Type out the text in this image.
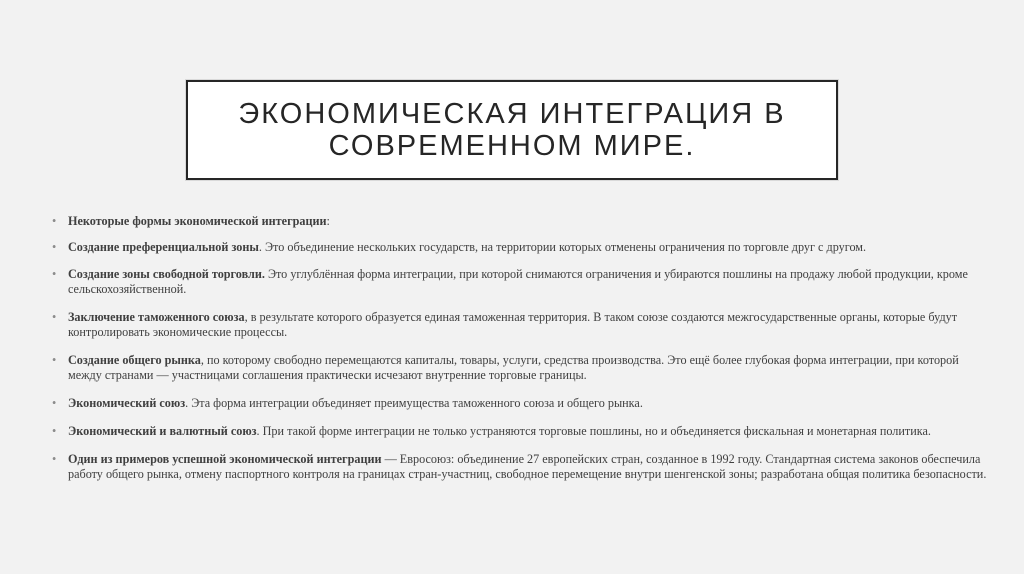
ЭКОНОМИЧЕСКАЯ ИНТЕГРАЦИЯ В
СОВРЕМЕННОМ МИРЕ.
• Некоторые формы экономической интеграции:
• Создание преференциальной зоны. Это объединение нескольких государств, на территории которых отменены ограничения по торговле друг с другом.
• Создание зоны свободной торговли. Это углублённая форма интеграции, при которой снимаются ограничения и убираются пошлины на продажу любой продукции, кроме сельскохозяйственной.
• Заключение таможенного союза, в результате которого образуется единая таможенная территория. В таком союзе создаются межгосударственные органы, которые будут контролировать экономические процессы.
• Создание общего рынка, по которому свободно перемещаются капиталы, товары, услуги, средства производства. Это ещё более глубокая форма интеграции, при которой между странами — участницами соглашения практически исчезают внутренние торговые границы.
• Экономический союз. Эта форма интеграции объединяет преимущества таможенного союза и общего рынка.
• Экономический и валютный союз. При такой форме интеграции не только устраняются торговые пошлины, но и объединяется фискальная и монетарная политика.
• Один из примеров успешной экономической интеграции — Евросоюз: объединение 27 европейских стран, созданное в 1992 году. Стандартная система законов обеспечила работу общего рынка, отмену паспортного контроля на границах стран-участниц, свободное перемещение внутри шенгенской зоны; разработана общая политика безопасности.
